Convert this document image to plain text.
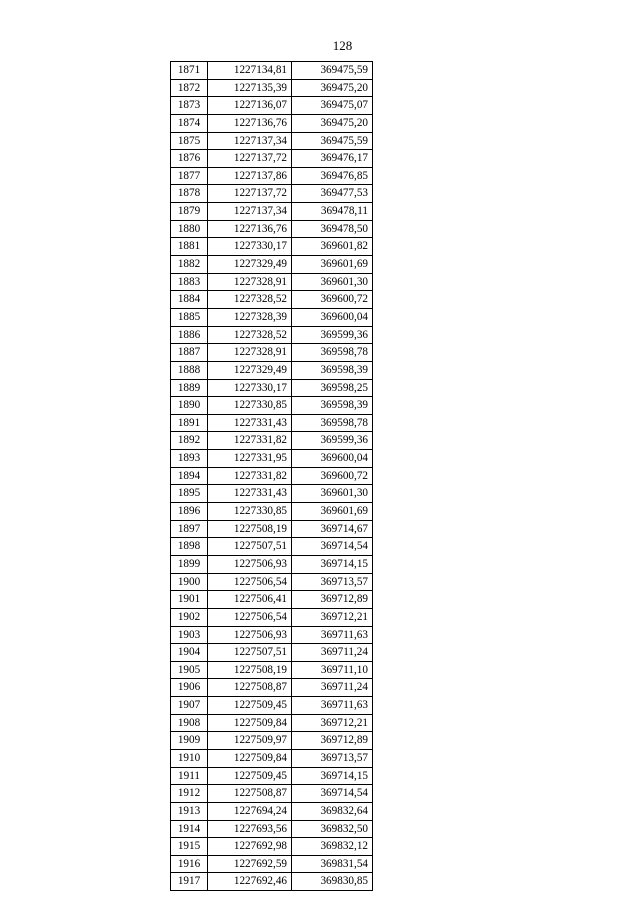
128
1871	1227134,81	369475,59
1872	1227135,39	369475,20
1873	1227136,07	369475,07
1874	1227136,76	369475,20
1875	1227137,34	369475,59
1876	1227137,72	369476,17
1877	1227137,86	369476,85
1878	1227137,72	369477,53
1879	1227137,34	369478,11
1880	1227136,76	369478,50
1881	1227330,17	369601,82
1882	1227329,49	369601,69
1883	1227328,91	369601,30
1884	1227328,52	369600,72
1885	1227328,39	369600,04
1886	1227328,52	369599,36
1887	1227328,91	369598,78
1888	1227329,49	369598,39
1889	1227330,17	369598,25
1890	1227330,85	369598,39
1891	1227331,43	369598,78
1892	1227331,82	369599,36
1893	1227331,95	369600,04
1894	1227331,82	369600,72
1895	1227331,43	369601,30
1896	1227330,85	369601,69
1897	1227508,19	369714,67
1898	1227507,51	369714,54
1899	1227506,93	369714,15
1900	1227506,54	369713,57
1901	1227506,41	369712,89
1902	1227506,54	369712,21
1903	1227506,93	369711,63
1904	1227507,51	369711,24
1905	1227508,19	369711,10
1906	1227508,87	369711,24
1907	1227509,45	369711,63
1908	1227509,84	369712,21
1909	1227509,97	369712,89
1910	1227509,84	369713,57
1911	1227509,45	369714,15
1912	1227508,87	369714,54
1913	1227694,24	369832,64
1914	1227693,56	369832,50
1915	1227692,98	369832,12
1916	1227692,59	369831,54
1917	1227692,46	369830,85
